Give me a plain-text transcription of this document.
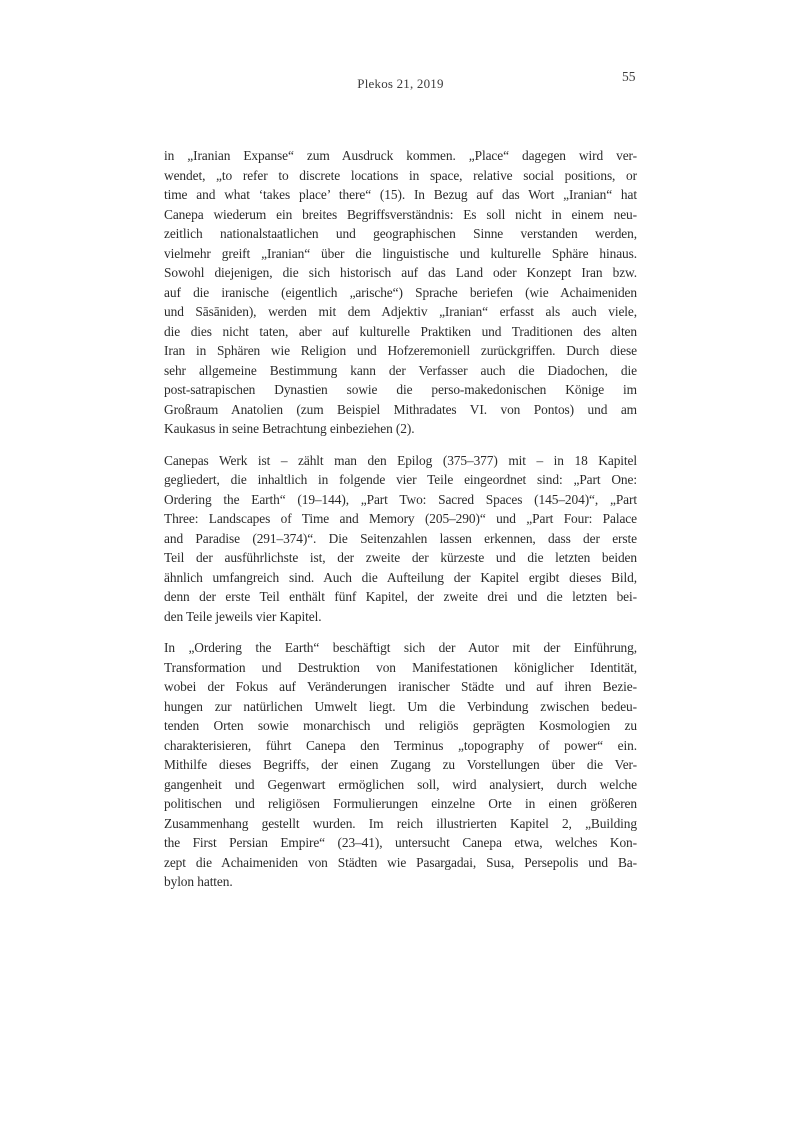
Plekos 21, 2019	55
in „Iranian Expanse“ zum Ausdruck kommen. „Place“ dagegen wird ver-
wendet, „to refer to discrete locations in space, relative social positions, or
time and what ‘takes place’ there“ (15). In Bezug auf das Wort „Iranian“ hat
Canepa wiederum ein breites Begriffsverständnis: Es soll nicht in einem neu-
zeitlich nationalstaatlichen und geographischen Sinne verstanden werden,
vielmehr greift „Iranian“ über die linguistische und kulturelle Sphäre hinaus.
Sowohl diejenigen, die sich historisch auf das Land oder Konzept Iran bzw.
auf die iranische (eigentlich „arische“) Sprache beriefen (wie Achaimeniden
und Sāsāniden), werden mit dem Adjektiv „Iranian“ erfasst als auch viele,
die dies nicht taten, aber auf kulturelle Praktiken und Traditionen des alten
Iran in Sphären wie Religion und Hofzeremoniell zurückgriffen. Durch diese
sehr allgemeine Bestimmung kann der Verfasser auch die Diadochen, die
post-satrapischen Dynastien sowie die perso-makedonischen Könige im
Großraum Anatolien (zum Beispiel Mithradates VI. von Pontos) und am
Kaukasus in seine Betrachtung einbeziehen (2).
Canepas Werk ist – zählt man den Epilog (375–377) mit – in 18 Kapitel
gegliedert, die inhaltlich in folgende vier Teile eingeordnet sind: „Part One:
Ordering the Earth“ (19–144), „Part Two: Sacred Spaces (145–204)“, „Part
Three: Landscapes of Time and Memory (205–290)“ und „Part Four: Palace
and Paradise (291–374)“. Die Seitenzahlen lassen erkennen, dass der erste
Teil der ausführlichste ist, der zweite der kürzeste und die letzten beiden
ähnlich umfangreich sind. Auch die Aufteilung der Kapitel ergibt dieses Bild,
denn der erste Teil enthält fünf Kapitel, der zweite drei und die letzten bei-
den Teile jeweils vier Kapitel.
In „Ordering the Earth“ beschäftigt sich der Autor mit der Einführung,
Transformation und Destruktion von Manifestationen königlicher Identität,
wobei der Fokus auf Veränderungen iranischer Städte und auf ihren Bezie-
hungen zur natürlichen Umwelt liegt. Um die Verbindung zwischen bedeu-
tenden Orten sowie monarchisch und religiös geprägten Kosmologien zu
charakterisieren, führt Canepa den Terminus „topography of power“ ein.
Mithilfe dieses Begriffs, der einen Zugang zu Vorstellungen über die Ver-
gangenheit und Gegenwart ermöglichen soll, wird analysiert, durch welche
politischen und religiösen Formulierungen einzelne Orte in einen größeren
Zusammenhang gestellt wurden. Im reich illustrierten Kapitel 2, „Building
the First Persian Empire“ (23–41), untersucht Canepa etwa, welches Kon-
zept die Achaimeniden von Städten wie Pasargadai, Susa, Persepolis und Ba-
bylon hatten.
